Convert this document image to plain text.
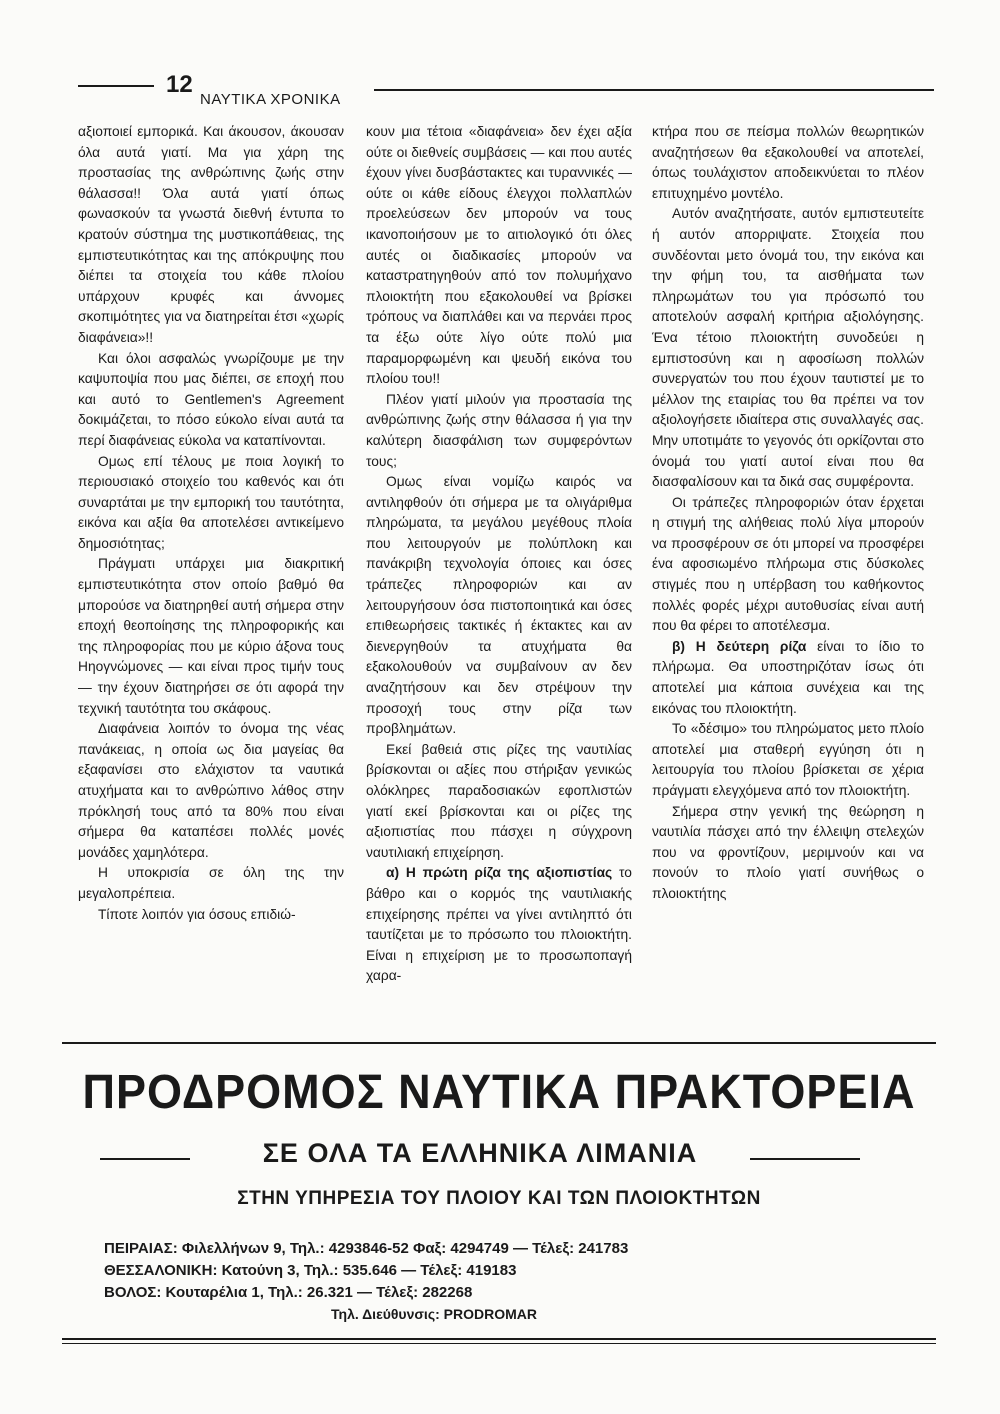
12
ΝΑΥΤΙΚΑ ΧΡΟΝΙΚΑ

αξιοποιεί εμπορικά. Και άκουσον, άκουσαν όλα αυτά γιατί. Μα για χάρη της προστασίας της ανθρώπινης ζωής στην θάλασσα!! Όλα αυτά γιατί όπως φωνασκούν τα γνωστά διεθνή έντυπα το κρατούν σύστημα της μυστικοπάθειας, της εμπιστευτικότητας και της απόκρυψης που διέπει τα στοιχεία του κάθε πλοίου υπάρχουν κρυφές και άννομες σκοπιμότητες για να διατηρείται έτσι «χωρίς διαφάνεια»!!

Και όλοι ασφαλώς γνωρίζουμε με την καψυποψία που μας διέπει, σε εποχή που και αυτό το Gentlemen's Agreement δοκιμάζεται, το πόσο εύκολο είναι αυτά τα περί διαφάνειας εύκολα να καταπίνονται.

Ομως επί τέλους με ποια λογική το περιουσιακό στοιχείο του καθενός και ότι συναρτάται με την εμπορική του ταυτότητα, εικόνα και αξία θα αποτελέσει αντικείμενο δημοσιότητας;

Πράγματι υπάρχει μια διακριτική εμπιστευτικότητα στον οποίο βαθμό θα μπορούσε να διατηρηθεί αυτή σήμερα στην εποχή θεοποίησης της πληροφορικής και της πληροφορίας που με κύριο άξονα τους Ηηογνώμονες — και είναι προς τιμήν τους — την έχουν διατηρήσει σε ότι αφορά την τεχνική ταυτότητα του σκάφους.

Διαφάνεια λοιπόν το όνομα της νέας πανάκειας, η οποία ως δια μαγείας θα εξαφανίσει στο ελάχιστον τα ναυτικά ατυχήματα και το ανθρώπινο λάθος στην πρόκλησή τους από τα 80% που είναι σήμερα θα καταπέσει πολλές μονές μονάδες χαμηλότερα.

Η υποκρισία σε όλη της την μεγαλοπρέπεια.

Τίποτε λοιπόν για όσους επιδιώ-

κουν μια τέτοια «διαφάνεια» δεν έχει αξία ούτε οι διεθνείς συμβάσεις — και που αυτές έχουν γίνει δυσβάστακτες και τυραννικές — ούτε οι κάθε είδους έλεγχοι πολλαπλών προελεύσεων δεν μπορούν να τους ικανοποιήσουν με το αιτιολογικό ότι όλες αυτές οι διαδικασίες μπορούν να καταστρατηγηθούν από τον πολυμήχανο πλοιοκτήτη που εξακολουθεί να βρίσκει τρόπους να διαπλάθει και να περνάει προς τα έξω ούτε λίγο ούτε πολύ μια παραμορφωμένη και ψευδή εικόνα του πλοίου του!!

Πλέον γιατί μιλούν για προστασία της ανθρώπινης ζωής στην θάλασσα ή για την καλύτερη διασφάλιση των συμφερόντων τους;

Ομως είναι νομίζω καιρός να αντιληφθούν ότι σήμερα με τα ολιγάριθμα πληρώματα, τα μεγάλου μεγέθους πλοία που λειτουργούν με πολύπλοκη και πανάκριβη τεχνολογία όποιες και όσες τράπεζες πληροφοριών και αν λειτουργήσουν όσα πιστοποιητικά και όσες επιθεωρήσεις τακτικές ή έκτακτες και αν διενεργηθούν τα ατυχήματα θα εξακολουθούν να συμβαίνουν αν δεν αναζητήσουν και δεν στρέψουν την προσοχή τους στην ρίζα των προβλημάτων.

Εκεί βαθειά στις ρίζες της ναυτιλίας βρίσκονται οι αξίες που στήριξαν γενικώς ολόκληρες παραδοσιακών εφοπλιστών γιατί εκεί βρίσκονται και οι ρίζες της αξιοπιστίας που πάσχει η σύγχρονη ναυτιλιακή επιχείρηση.

α) Η πρώτη ρίζα της αξιοπιστίας το βάθρο και ο κορμός της ναυτιλιακής επιχείρησης πρέπει να γίνει αντιληπτό ότι ταυτίζεται με το πρόσωπο του πλοιοκτήτη. Είναι η επιχείριση με το προσωποπαγή χαρα-

κτήρα που σε πείσμα πολλών θεωρητικών αναζητήσεων θα εξακολουθεί να αποτελεί, όπως τουλάχιστον αποδεικνύεται το πλέον επιτυχημένο μοντέλο.

Αυτόν αναζητήσατε, αυτόν εμπιστευτείτε ή αυτόν απορριψατε. Στοιχεία που συνδέονται μετο όνομά του, την εικόνα και την φήμη του, τα αισθήματα των πληρωμάτων του για πρόσωπό του αποτελούν ασφαλή κριτήρια αξιολόγησης. Ένα τέτοιο πλοιοκτήτη συνοδεύει η εμπιστοσύνη και η αφοσίωση πολλών συνεργατών του που έχουν ταυτιστεί με το μέλλον της εταιρίας του θα πρέπει να τον αξιολογήσετε ιδιαίτερα στις συναλλαγές σας. Μην υποτιμάτε το γεγονός ότι ορκίζονται στο όνομά του γιατί αυτοί είναι που θα διασφαλίσουν και τα δικά σας συμφέροντα.

Οι τράπεζες πληροφοριών όταν έρχεται η στιγμή της αλήθειας πολύ λίγα μπορούν να προσφέρουν σε ότι μπορεί να προσφέρει ένα αφοσιωμένο πλήρωμα στις δύσκολες στιγμές που η υπέρβαση του καθήκοντος πολλές φορές μέχρι αυτοθυσίας είναι αυτή που θα φέρει το αποτέλεσμα.

β) Η δεύτερη ρίζα είναι το ίδιο το πλήρωμα. Θα υποστηριζόταν ίσως ότι αποτελεί μια κάποια συνέχεια και της εικόνας του πλοιοκτήτη.

Το «δέσιμο» του πληρώματος μετο πλοίο αποτελεί μια σταθερή εγγύηση ότι η λειτουργία του πλοίου βρίσκεται σε χέρια πράγματι ελεγχόμενα από τον πλοιοκτήτη.

Σήμερα στην γενική της θεώρηση η ναυτιλία πάσχει από την έλλειψη στελεχών που να φροντίζουν, μεριμνούν και να πονούν το πλοίο γιατί συνήθως ο πλοιοκτήτης

ΠΡΟΔΡΟΜΟΣ ΝΑΥΤΙΚΑ ΠΡΑΚΤΟΡΕΙΑ
ΣΕ ΟΛΑ ΤΑ ΕΛΛΗΝΙΚΑ ΛΙΜΑΝΙΑ
ΣΤΗΝ ΥΠΗΡΕΣΙΑ ΤΟΥ ΠΛΟΙΟΥ ΚΑΙ ΤΩΝ ΠΛΟΙΟΚΤΗΤΩΝ
ΠΕΙΡΑΙΑΣ: Φιλελλήνων 9, Τηλ.: 4293846-52 Φαξ: 4294749 — Τέλεξ: 241783
ΘΕΣΣΑΛΟΝΙΚΗ: Κατούνη 3, Τηλ.: 535.646 — Τέλεξ: 419183
ΒΟΛΟΣ: Κουταρέλια 1, Τηλ.: 26.321 — Τέλεξ: 282268
Τηλ. Διεύθυνσις: PRODROMAR
